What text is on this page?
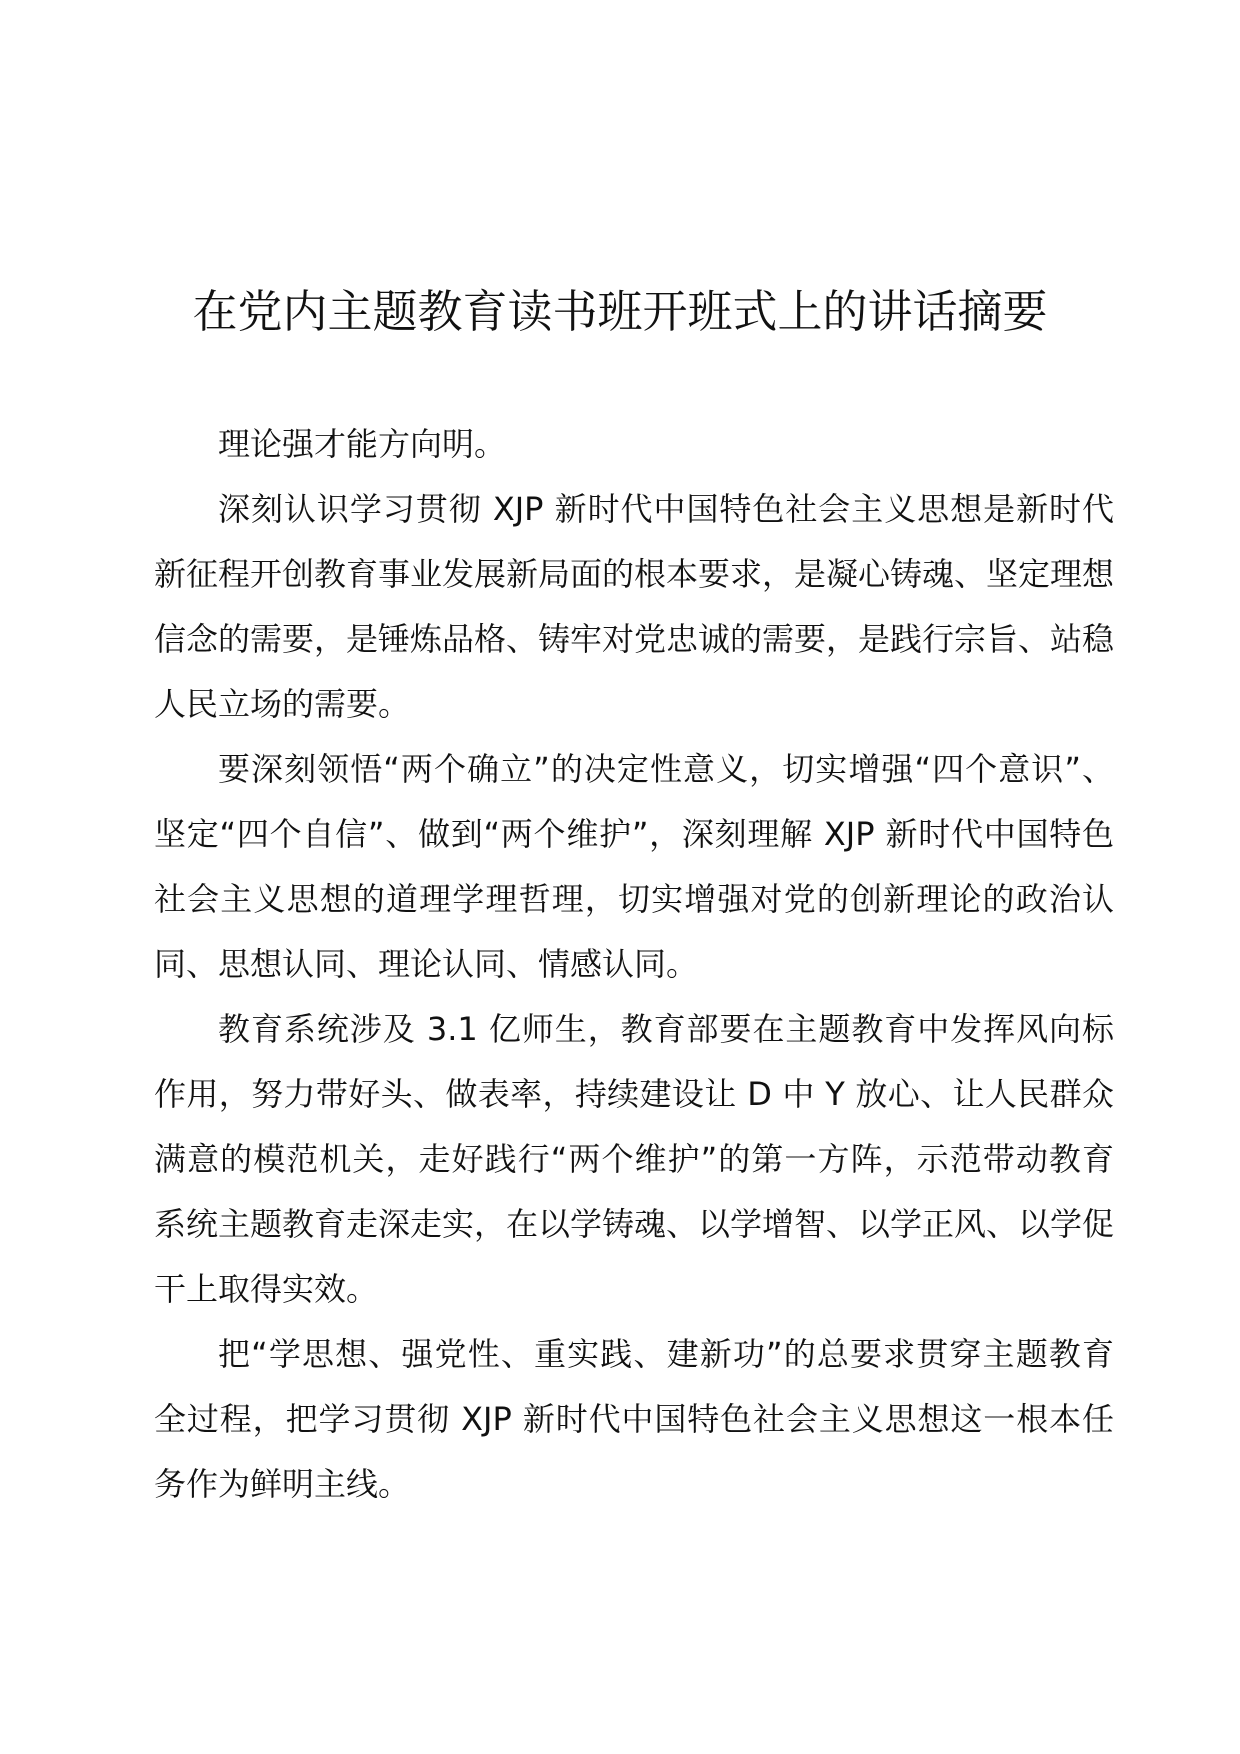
在党内主题教育读书班开班式上的讲话摘要

理论强才能方向明。

深刻认识学习贯彻 XJP 新时代中国特色社会主义思想是新时代新征程开创教育事业发展新局面的根本要求，是凝心铸魂、坚定理想信念的需要，是锤炼品格、铸牢对党忠诚的需要，是践行宗旨、站稳人民立场的需要。

要深刻领悟“两个确立”的决定性意义，切实增强“四个意识”、坚定“四个自信”、做到“两个维护”，深刻理解 XJP 新时代中国特色社会主义思想的道理学理哲理，切实增强对党的创新理论的政治认同、思想认同、理论认同、情感认同。

教育系统涉及 3.1 亿师生，教育部要在主题教育中发挥风向标作用，努力带好头、做表率，持续建设让 D 中 Y 放心、让人民群众满意的模范机关，走好践行“两个维护”的第一方阵，示范带动教育系统主题教育走深走实，在以学铸魂、以学增智、以学正风、以学促干上取得实效。

把“学思想、强党性、重实践、建新功”的总要求贯穿主题教育全过程，把学习贯彻 XJP 新时代中国特色社会主义思想这一根本任务作为鲜明主线。
